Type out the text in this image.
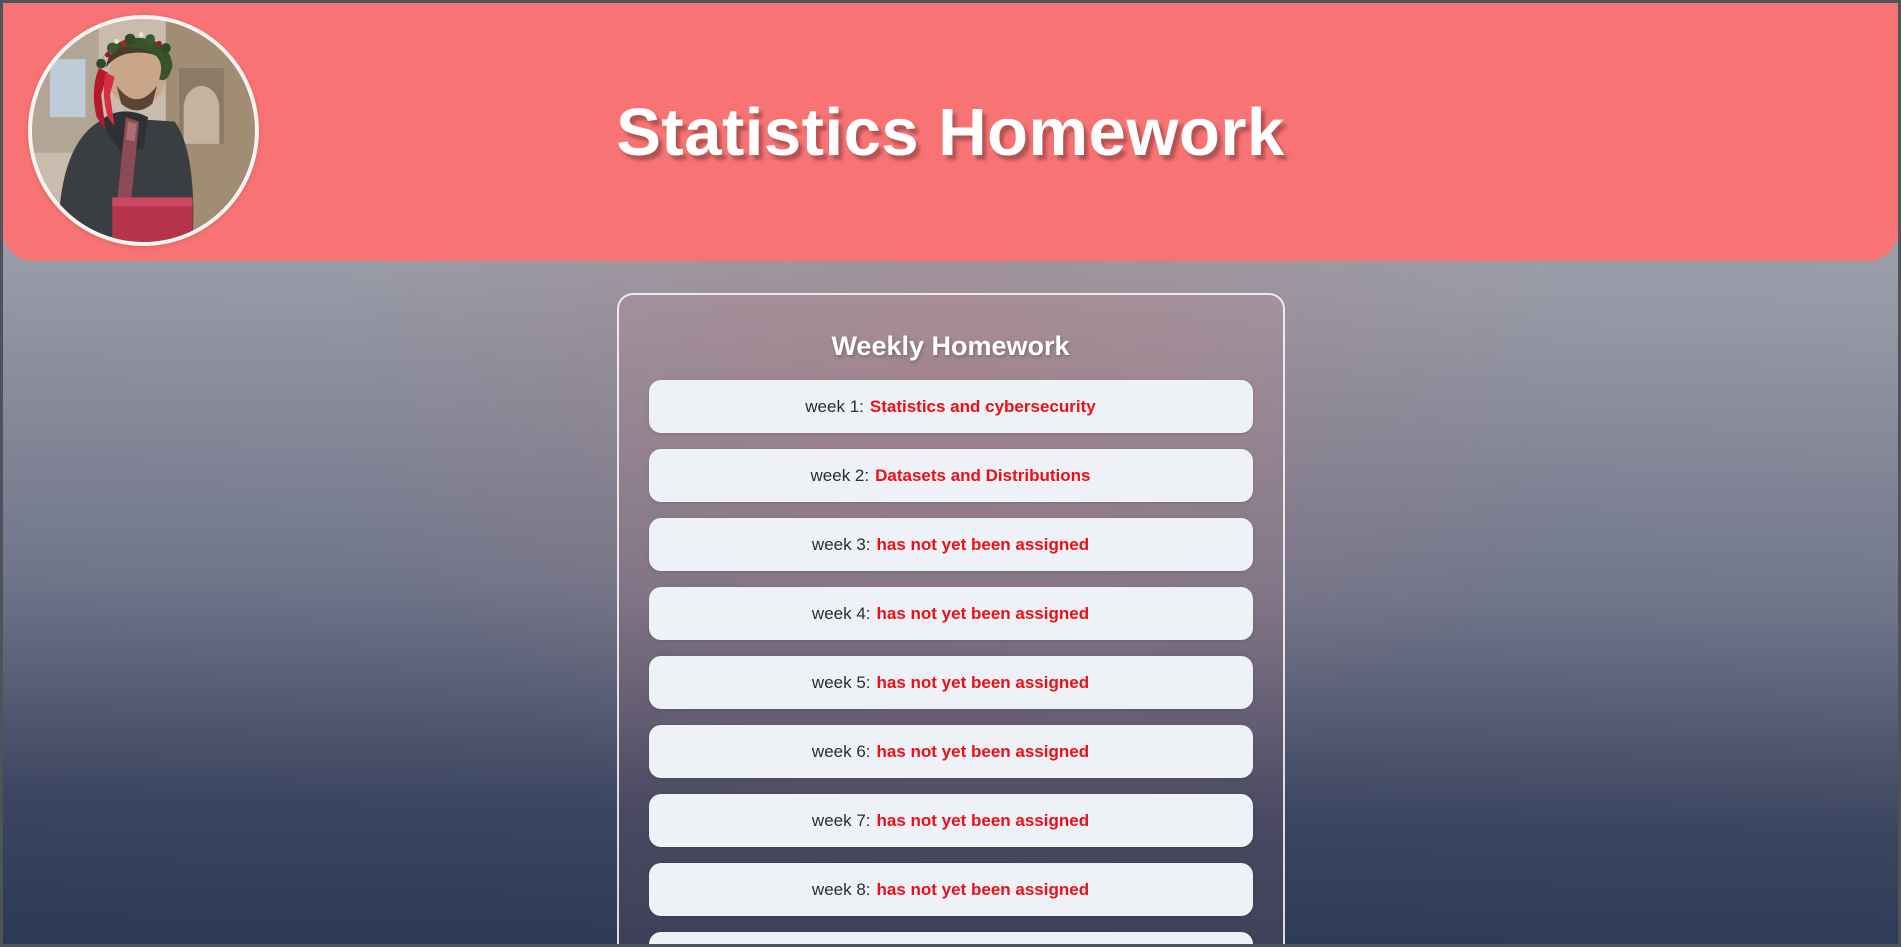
Statistics Homework
Weekly Homework
week 1: Statistics and cybersecurity
week 2: Datasets and Distributions
week 3: has not yet been assigned
week 4: has not yet been assigned
week 5: has not yet been assigned
week 6: has not yet been assigned
week 7: has not yet been assigned
week 8: has not yet been assigned
